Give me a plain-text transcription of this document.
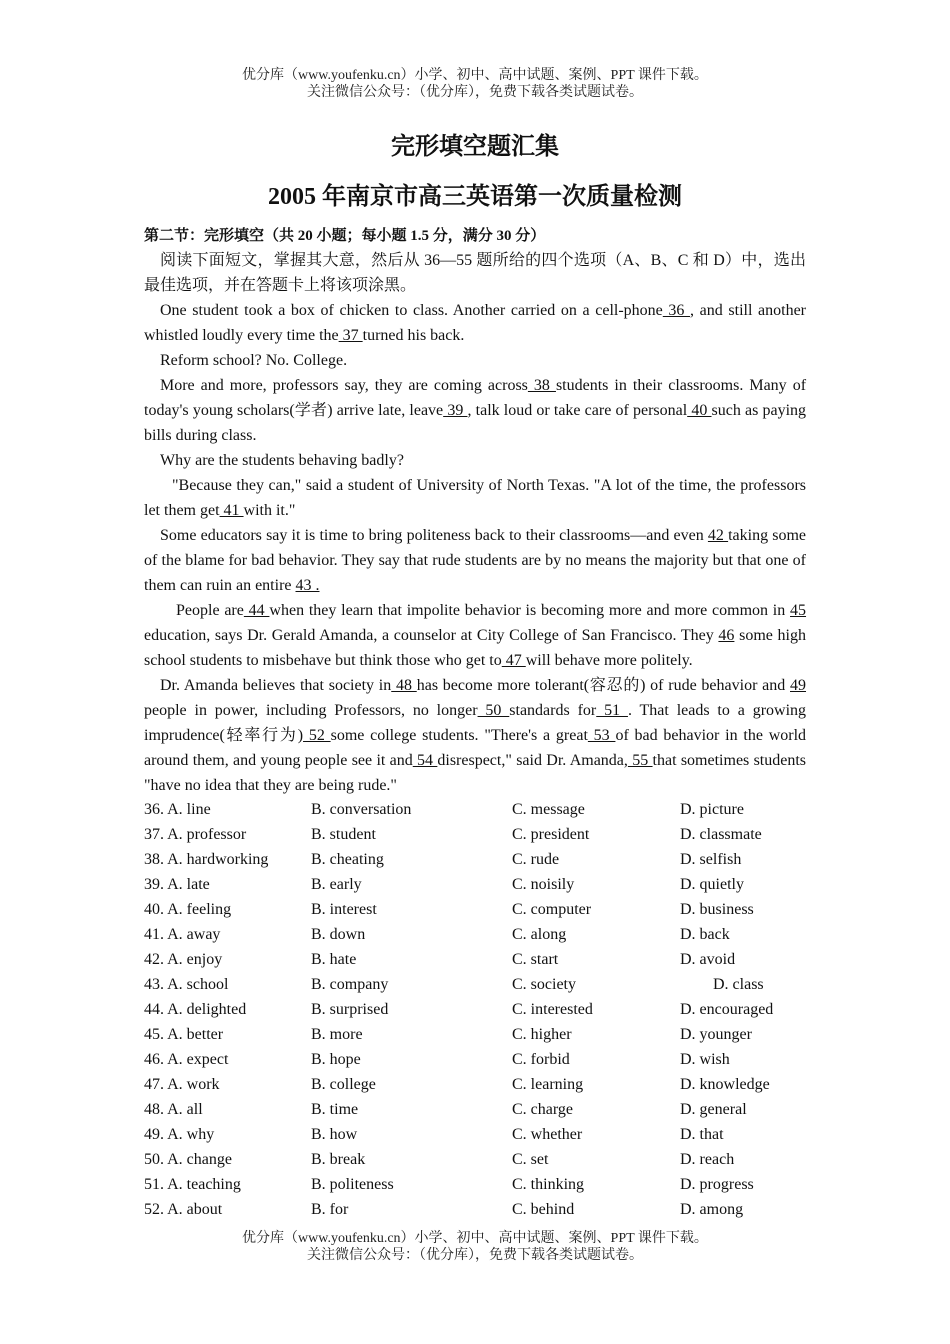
优分库（www.youfenku.cn）小学、初中、高中试题、案例、PPT 课件下载。
关注微信公众号：（优分库），免费下载各类试题试卷。
完形填空题汇集
2005 年南京市高三英语第一次质量检测
第二节：完形填空（共 20 小题；每小题 1.5 分，满分 30 分）

阅读下面短文，掌握其大意，然后从 36—55 题所给的四个选项（A、B、C 和 D）中，选出最佳选项，并在答题卡上将该项涂黑。

One student took a box of chicken to class. Another carried on a cell-phone 36 , and still another whistled loudly every time the 37 turned his back.

Reform school? No. College.

More and more, professors say, they are coming across 38 students in their classrooms. Many of today's young scholars(学者) arrive late, leave 39 , talk loud or take care of personal 40 such as paying bills during class.

Why are the students behaving badly?

"Because they can," said a student of University of North Texas. "A lot of the time, the professors let them get 41 with it."

Some educators say it is time to bring politeness back to their classrooms—and even 42 taking some of the blame for bad behavior. They say that rude students are by no means the majority but that one of them can ruin an entire 43 .

People are 44 when they learn that impolite behavior is becoming more and more common in 45 education, says Dr. Gerald Amanda, a counselor at City College of San Francisco. They 46 some high school students to misbehave but think those who get to 47 will behave more politely.

Dr. Amanda believes that society in 48 has become more tolerant(容忍的) of rude behavior and 49 people in power, including Professors, no longer 50 standards for 51 . That leads to a growing imprudence(轻率行为) 52 some college students. "There's a great 53 of bad behavior in the world around them, and young people see it and 54 disrespect," said Dr. Amanda, 55 that sometimes students "have no idea that they are being rude."

36. A. line	B. conversation	C. message	D. picture
37. A. professor	B. student	C. president	D. classmate
38. A. hardworking	B. cheating	C. rude	D. selfish
39. A. late	B. early	C. noisily	D. quietly
40. A. feeling	B. interest	C. computer	D. business
41. A. away	B. down	C. along	D. back
42. A. enjoy	B. hate	C. start	D. avoid
43. A. school	B. company	C. society	D. class
44. A. delighted	B. surprised	C. interested	D. encouraged
45. A. better	B. more	C. higher	D. younger
46. A. expect	B. hope	C. forbid	D. wish
47. A. work	B. college	C. learning	D. knowledge
48. A. all	B. time	C. charge	D. general
49. A. why	B. how	C. whether	D. that
50. A. change	B. break	C. set	D. reach
51. A. teaching	B. politeness	C. thinking	D. progress
52. A. about	B. for	C. behind	D. among
优分库（www.youfenku.cn）小学、初中、高中试题、案例、PPT 课件下载。
关注微信公众号：（优分库），免费下载各类试题试卷。
